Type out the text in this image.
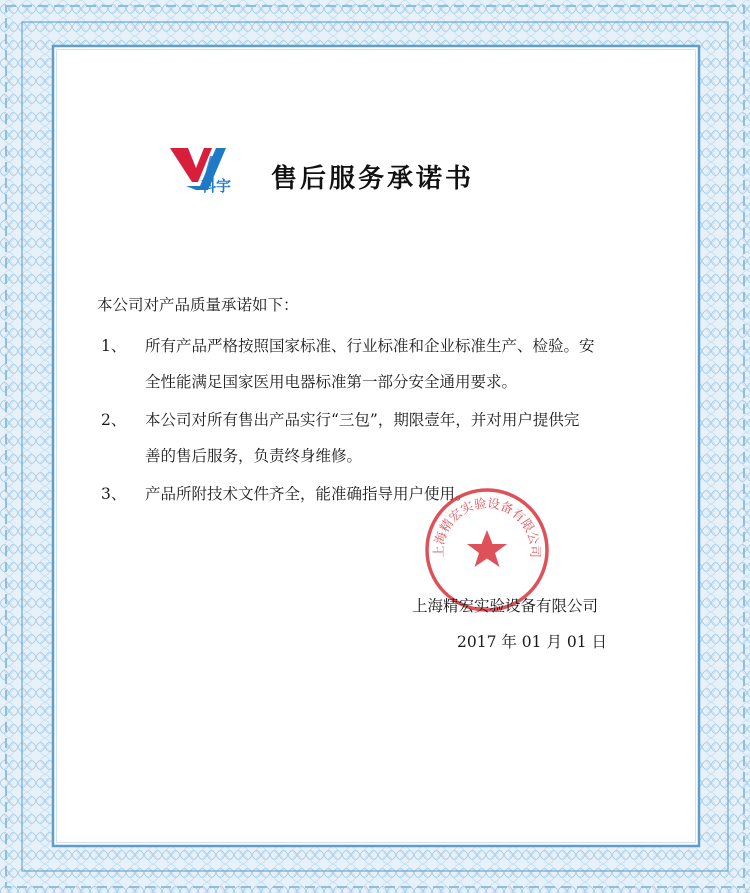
科宇 售后服务承诺书
本公司对产品质量承诺如下：
1、 所有产品严格按照国家标准、行业标准和企业标准生产、检验。安
全性能满足国家医用电器标准第一部分安全通用要求。
2、 本公司对所有售出产品实行“三包”，期限壹年，并对用户提供完
善的售后服务，负责终身维修。
3、 产品所附技术文件齐全，能准确指导用户使用。
上海精宏实验设备有限公司
上海精宏实验设备有限公司
2017 年 01 月 01 日
